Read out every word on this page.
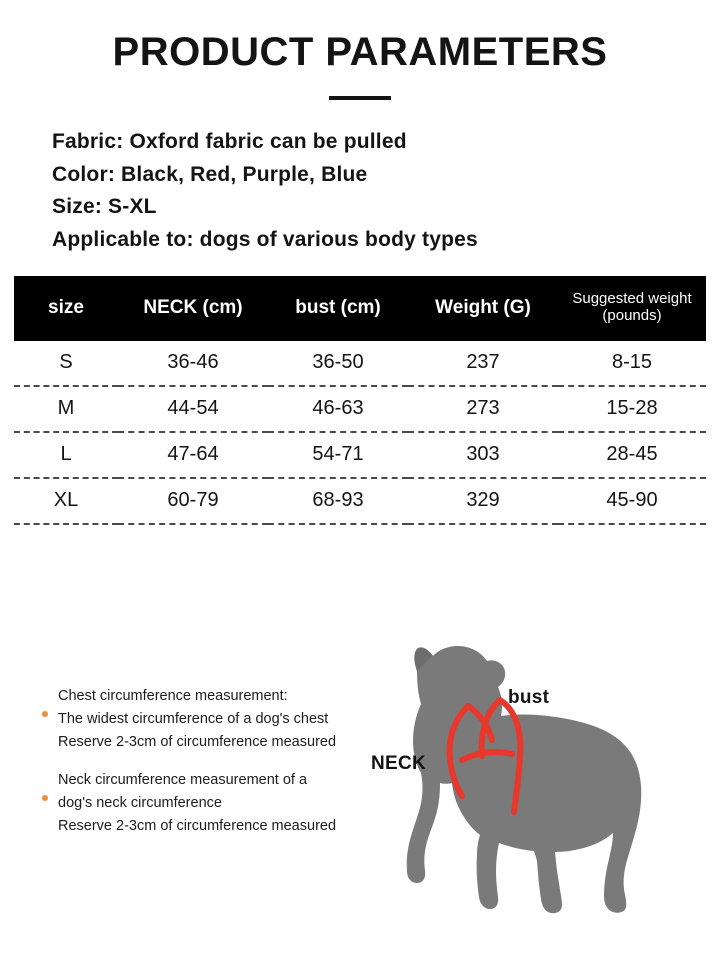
PRODUCT PARAMETERS
Fabric: Oxford fabric can be pulled
Color: Black, Red, Purple, Blue
Size: S-XL
Applicable to: dogs of various body types
size	NECK (cm)	bust (cm)	Weight (G)	Suggested weight (pounds)
S	36-46	36-50	237	8-15
M	44-54	46-63	273	15-28
L	47-64	54-71	303	28-45
XL	60-79	68-93	329	45-90
Chest circumference measurement:
The widest circumference of a dog's chest
Reserve 2-3cm of circumference measured
Neck circumference measurement of a
dog's neck circumference
Reserve 2-3cm of circumference measured
bust
NECK
